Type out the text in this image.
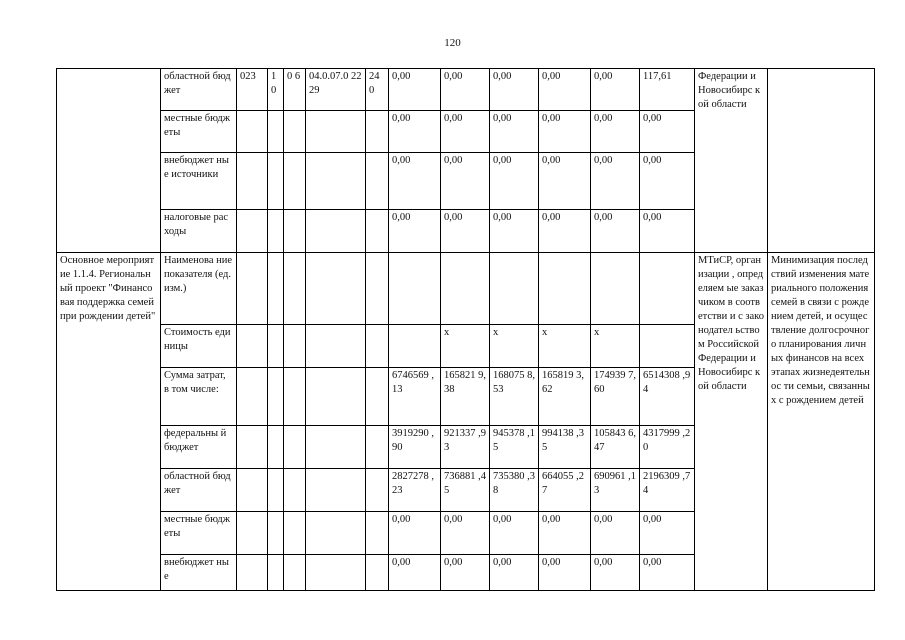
120
	областной бюджет	023	1 0	0 6	04.0.07.0 2229	24 0	0,00	0,00	0,00	0,00	0,00	117,61	Федерации и Новосибирс кой области	
	местные бюджеты						0,00	0,00	0,00	0,00	0,00	0,00		
	внебюджет ные источники						0,00	0,00	0,00	0,00	0,00	0,00		
	налоговые расходы						0,00	0,00	0,00	0,00	0,00	0,00		
Основное мероприятие 1.1.4. Региональный проект "Финансовая поддержка семей при рождении детей"	Наименова ние показателя (ед. изм.)												МТиСР, организации , определяем ые заказчиком в соответстви и с законодател ьством Российской Федерации и Новосибирс кой области	Минимизация последствий изменения материального положения семей в связи с рождением детей, и осуществление долгосрочного планирования личных финансов на всех этапах жизнедеятельнос ти семьи, связанных с рождением детей
	Стоимость единицы							х	х	х	х			
	Сумма затрат, в том числе:						6746569 ,13	165821 9,38	168075 8,53	165819 3,62	174939 7,60	6514308 ,94		
	федеральны й бюджет						3919290 ,90	921337 ,93	945378 ,15	994138 ,35	105843 6,47	4317999 ,20		
	областной бюджет						2827278 ,23	736881 ,45	735380 ,38	664055 ,27	690961 ,13	2196309 ,74		
	местные бюджеты						0,00	0,00	0,00	0,00	0,00	0,00		
	внебюджет ные						0,00	0,00	0,00	0,00	0,00	0,00		
